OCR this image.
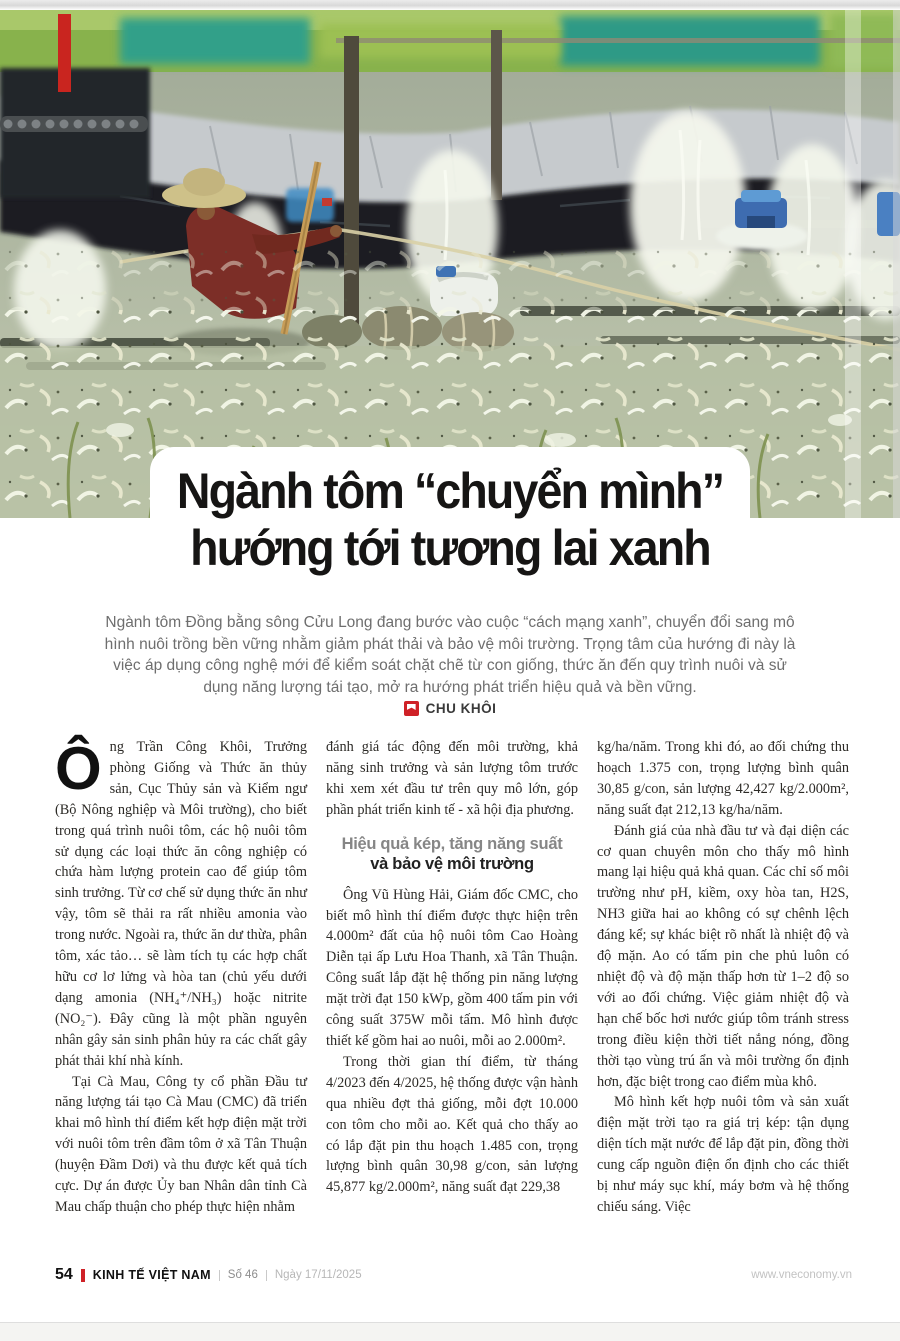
Ngành tôm “chuyển mình”
hướng tới tương lai xanh
Ngành tôm Đồng bằng sông Cửu Long đang bước vào cuộc “cách mạng xanh”, chuyển đổi sang mô hình nuôi trồng bền vững nhằm giảm phát thải và bảo vệ môi trường. Trọng tâm của hướng đi này là việc áp dụng công nghệ mới để kiểm soát chặt chẽ từ con giống, thức ăn đến quy trình nuôi và sử dụng năng lượng tái tạo, mở ra hướng phát triển hiệu quả và bền vững.
CHU KHÔI

Ông Trần Công Khôi, Trưởng phòng Giống và Thức ăn thủy sản, Cục Thủy sản và Kiểm ngư (Bộ Nông nghiệp và Môi trường), cho biết trong quá trình nuôi tôm, các hộ nuôi tôm sử dụng các loại thức ăn công nghiệp có chứa hàm lượng protein cao để giúp tôm sinh trưởng. Từ cơ chế sử dụng thức ăn như vậy, tôm sẽ thải ra rất nhiều amonia vào trong nước. Ngoài ra, thức ăn dư thừa, phân tôm, xác tảo… sẽ làm tích tụ các hợp chất hữu cơ lơ lửng và hòa tan (chủ yếu dưới dạng amonia (NH₄⁺/NH₃) hoặc nitrite (NO₂⁻). Đây cũng là một phần nguyên nhân gây sản sinh phân hủy ra các chất gây phát thải khí nhà kính.

Tại Cà Mau, Công ty cổ phần Đầu tư năng lượng tái tạo Cà Mau (CMC) đã triển khai mô hình thí điểm kết hợp điện mặt trời với nuôi tôm trên đầm tôm ở xã Tân Thuận (huyện Đầm Dơi) và thu được kết quả tích cực. Dự án được Ủy ban Nhân dân tỉnh Cà Mau chấp thuận cho phép thực hiện nhằm

đánh giá tác động đến môi trường, khả năng sinh trưởng và sản lượng tôm trước khi xem xét đầu tư trên quy mô lớn, góp phần phát triển kinh tế - xã hội địa phương.

Hiệu quả kép, tăng năng suất
và bảo vệ môi trường

Ông Vũ Hùng Hải, Giám đốc CMC, cho biết mô hình thí điểm được thực hiện trên 4.000m² đất của hộ nuôi tôm Cao Hoàng Diễn tại ấp Lưu Hoa Thanh, xã Tân Thuận. Công suất lắp đặt hệ thống pin năng lượng mặt trời đạt 150 kWp, gồm 400 tấm pin với công suất 375W mỗi tấm. Mô hình được thiết kế gồm hai ao nuôi, mỗi ao 2.000m².

Trong thời gian thí điểm, từ tháng 4/2023 đến 4/2025, hệ thống được vận hành qua nhiều đợt thả giống, mỗi đợt 10.000 con tôm cho mỗi ao. Kết quả cho thấy ao có lắp đặt pin thu hoạch 1.485 con, trọng lượng bình quân 30,98 g/con, sản lượng 45,877 kg/2.000m², năng suất đạt 229,38

kg/ha/năm. Trong khi đó, ao đối chứng thu hoạch 1.375 con, trọng lượng bình quân 30,85 g/con, sản lượng 42,427 kg/2.000m², năng suất đạt 212,13 kg/ha/năm.

Đánh giá của nhà đầu tư và đại diện các cơ quan chuyên môn cho thấy mô hình mang lại hiệu quả khả quan. Các chỉ số môi trường như pH, kiềm, oxy hòa tan, H2S, NH3 giữa hai ao không có sự chênh lệch đáng kể; sự khác biệt rõ nhất là nhiệt độ và độ mặn. Ao có tấm pin che phủ luôn có nhiệt độ và độ mặn thấp hơn từ 1–2 độ so với ao đối chứng. Việc giảm nhiệt độ và hạn chế bốc hơi nước giúp tôm tránh stress trong điều kiện thời tiết nắng nóng, đồng thời tạo vùng trú ẩn và môi trường ổn định hơn, đặc biệt trong cao điểm mùa khô.

Mô hình kết hợp nuôi tôm và sản xuất điện mặt trời tạo ra giá trị kép: tận dụng diện tích mặt nước để lắp đặt pin, đồng thời cung cấp nguồn điện ổn định cho các thiết bị như máy sục khí, máy bơm và hệ thống chiếu sáng. Việc

54 KINH TẾ VIỆT NAM Số 46 Ngày 17/11/2025	www.vneconomy.vn
